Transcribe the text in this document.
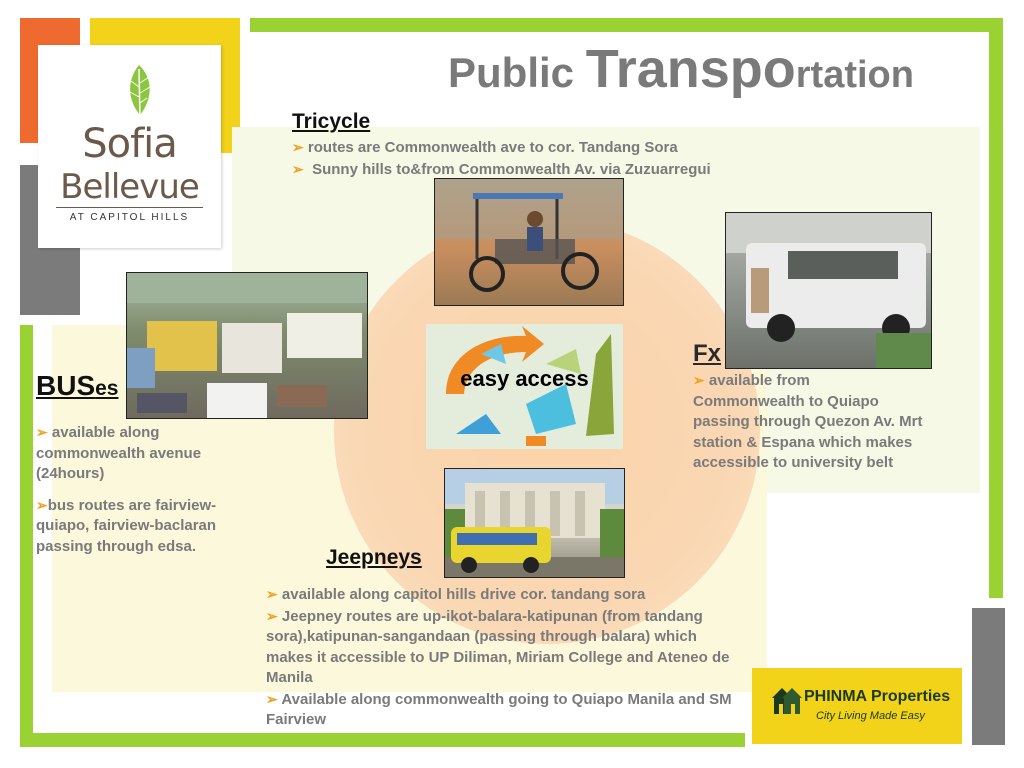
Sofia
Bellevue
AT CAPITOL HILLS
Public Transportation
Tricycle
➢ routes are Commonwealth ave to cor. Tandang Sora
➢ Sunny hills to&from Commonwealth Av. via Zuzuarregui
easy access
BUSes
➢ available along commonwealth avenue (24hours)
➢bus routes are fairview-quiapo, fairview-baclaran passing through edsa.
Fx
➢ available from Commonwealth to Quiapo passing through Quezon Av. Mrt station & Espana which makes accessible to university belt
Jeepneys
➢ available along capitol hills drive cor. tandang sora
➢ Jeepney routes are up-ikot-balara-katipunan (from tandang sora),katipunan-sangandaan (passing through balara) which makes it accessible to UP Diliman, Miriam College and Ateneo de Manila
➢ Available along commonwealth going to Quiapo Manila and SM Fairview
PHINMA Properties
City Living Made Easy
